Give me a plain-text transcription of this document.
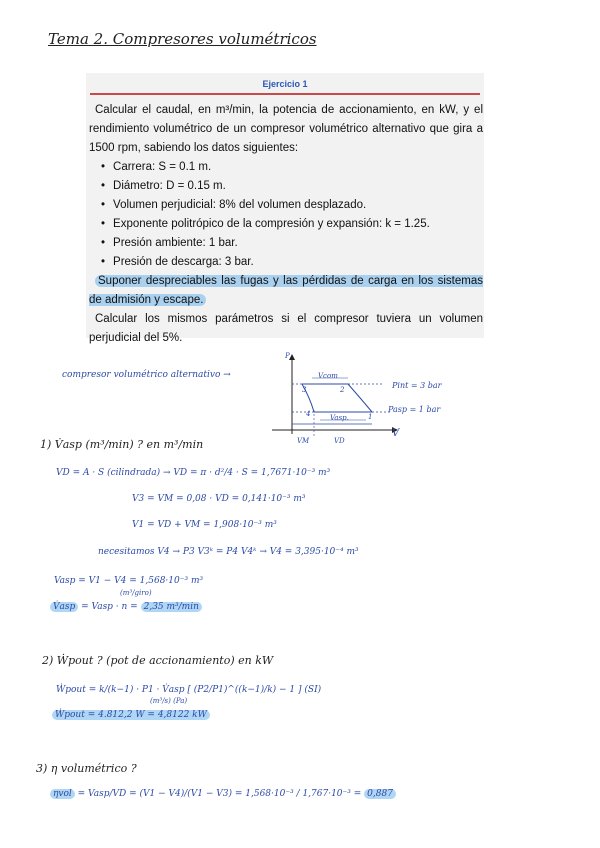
Tema 2. Compresores volumétricos
Ejercicio 1

Calcular el caudal, en m³/min, la potencia de accionamiento, en kW, y el rendimiento volumétrico de un compresor volumétrico alternativo que gira a 1500 rpm, sabiendo los datos siguientes:

• Carrera: S = 0.1 m.
• Diámetro: D = 0.15 m.
• Volumen perjudicial: 8% del volumen desplazado.
• Exponente politrópico de la compresión y expansión: k = 1.25.
• Presión ambiente: 1 bar.
• Presión de descarga: 3 bar.

Suponer despreciables las fugas y las pérdidas de carga en los sistemas de admisión y escape.

Calcular los mismos parámetros si el compresor tuviera un volumen perjudicial del 5%.

compresor volumétrico alternativo →
P
V
Vcom
Vasp.
Pint = 3 bar
Pasp = 1 bar
VM	VD
3	2
4	1
1) V̇asp (m³/min) ? en m³/min
VD = A · S (cilindrada) → VD = π · d²/4 · S = 1,7671·10⁻³ m³
V3 = VM = 0,08 · VD = 0,141·10⁻³ m³
V1 = VD + VM = 1,908·10⁻³ m³
necesitamos V4 → P3 V3ᵏ = P4 V4ᵏ → V4 = 3,395·10⁻⁴ m³
Vasp = V1 − V4 = 1,568·10⁻³ m³
(m³/giro)
V̇asp = Vasp · n = 2,35 m³/min
2) Ẇpout ? (pot de accionamiento) en kW
Ẇpout = k/(k−1) · P1 · V̇asp [ (P2/P1)^((k−1)/k) − 1 ] (SI)
(m³/s) (Pa)
Ẇpout = 4.812,2 W = 4,8122 kW
3) η volumétrico ?
ηvol = Vasp/VD = (V1 − V4)/(V1 − V3) = 1,568·10⁻³ / 1,767·10⁻³ = 0,887
